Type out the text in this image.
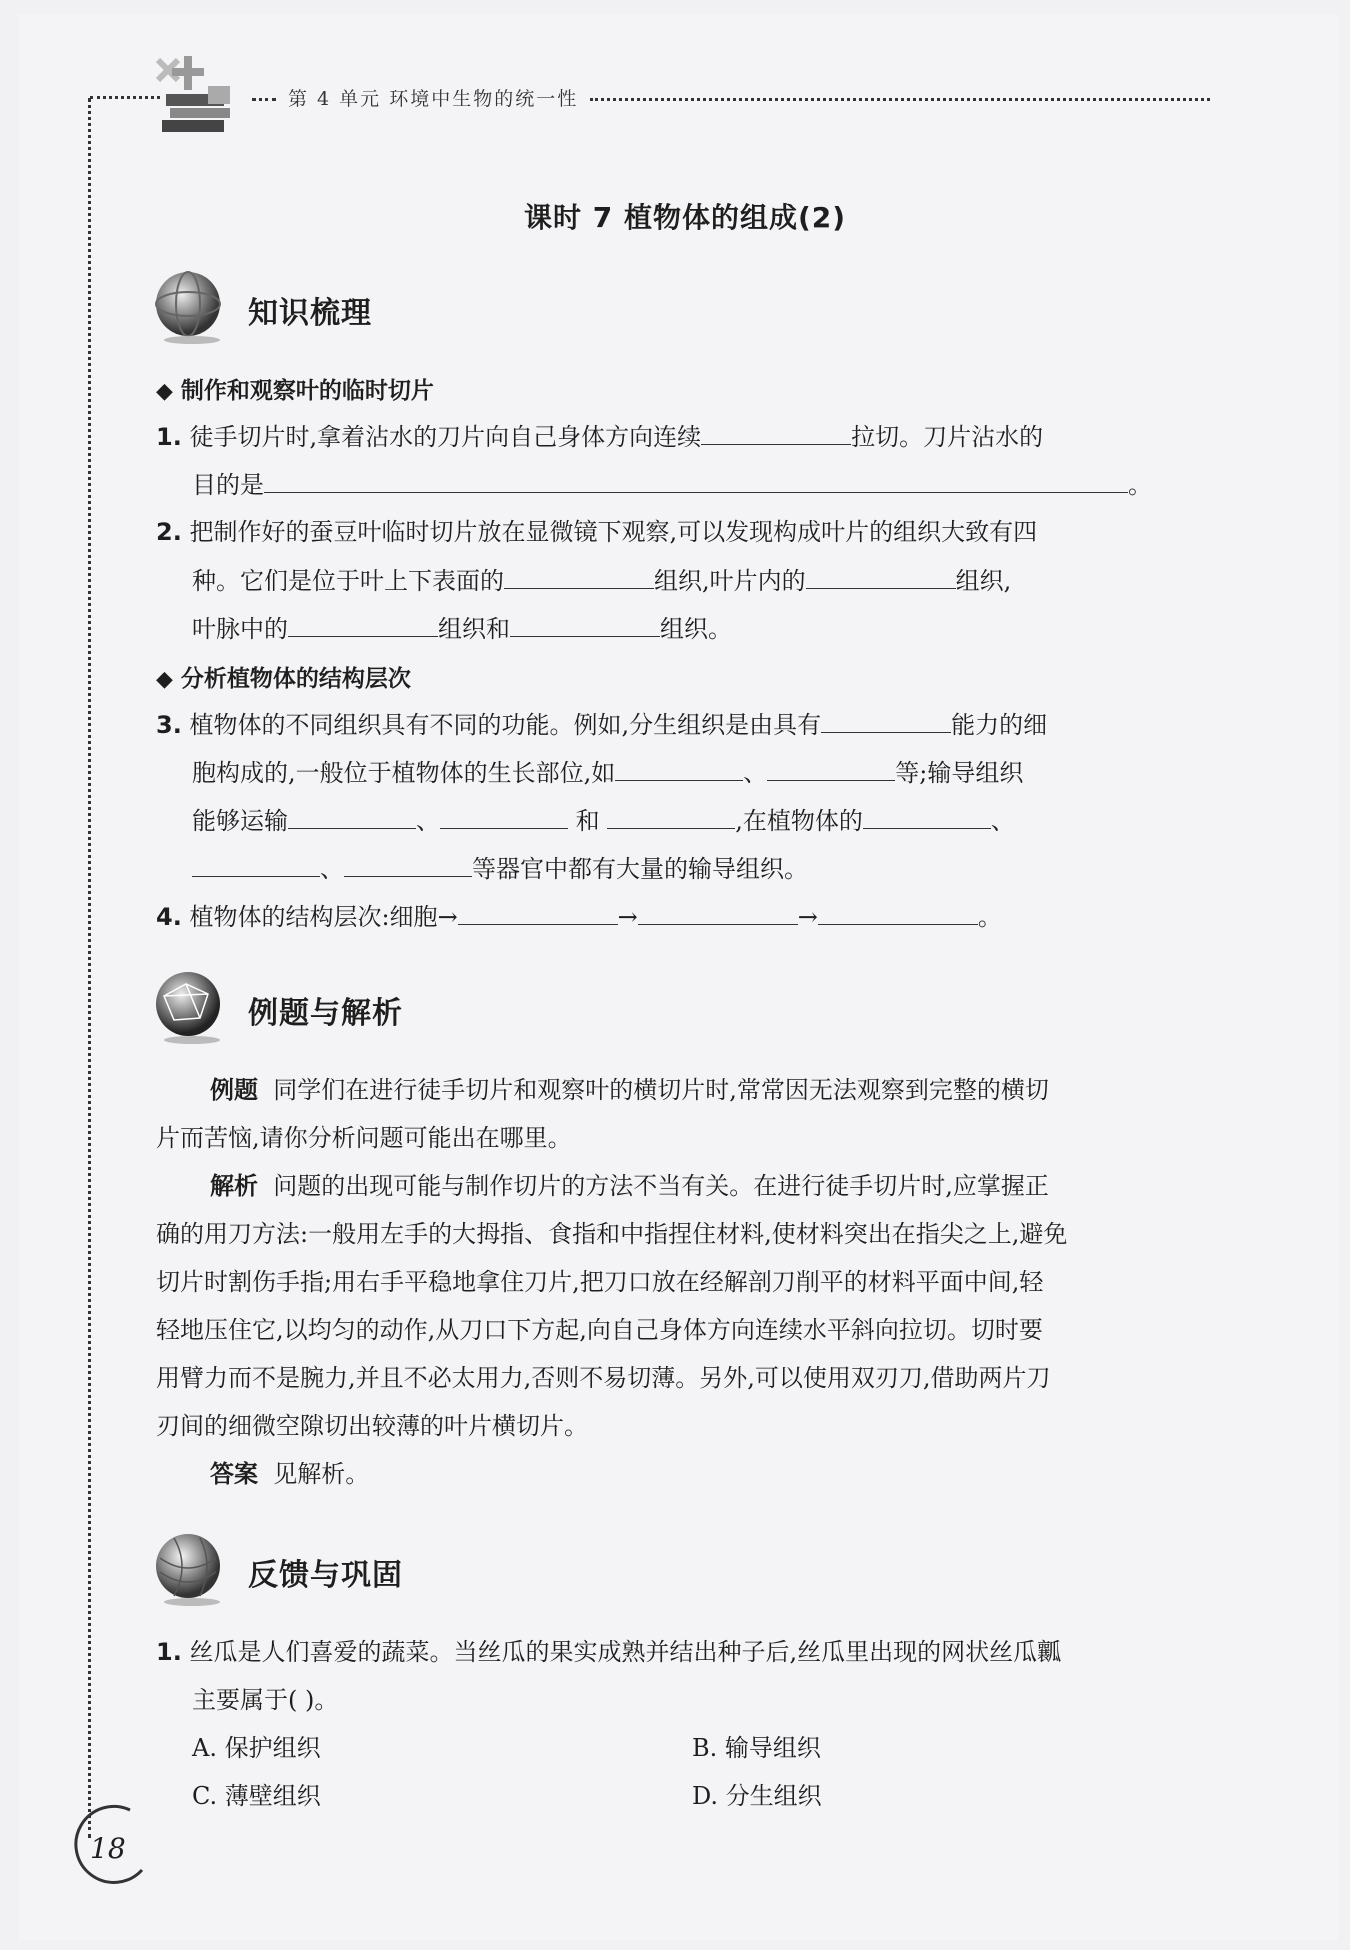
第 4 单元 环境中生物的统一性
课时 7 植物体的组成(2)
知识梳理
◆ 制作和观察叶的临时切片
1. 徒手切片时,拿着沾水的刀片向自己身体方向连续	拉切。刀片沾水的
目的是	。
2. 把制作好的蚕豆叶临时切片放在显微镜下观察,可以发现构成叶片的组织大致有四
种。它们是位于叶上下表面的	组织,叶片内的	组织,
叶脉中的	组织和	组织。
◆ 分析植物体的结构层次
3. 植物体的不同组织具有不同的功能。例如,分生组织是由具有	能力的细
胞构成的,一般位于植物体的生长部位,如	、	等;输导组织
能够运输	、	和	,在植物体的	、
、	等器官中都有大量的输导组织。
4. 植物体的结构层次:细胞→	→	→	。
例题与解析
例题 同学们在进行徒手切片和观察叶的横切片时,常常因无法观察到完整的横切
片而苦恼,请你分析问题可能出在哪里。
解析 问题的出现可能与制作切片的方法不当有关。在进行徒手切片时,应掌握正
确的用刀方法:一般用左手的大拇指、食指和中指捏住材料,使材料突出在指尖之上,避免
切片时割伤手指;用右手平稳地拿住刀片,把刀口放在经解剖刀削平的材料平面中间,轻
轻地压住它,以均匀的动作,从刀口下方起,向自己身体方向连续水平斜向拉切。切时要
用臂力而不是腕力,并且不必太用力,否则不易切薄。另外,可以使用双刃刀,借助两片刀
刃间的细微空隙切出较薄的叶片横切片。
答案 见解析。
反馈与巩固
1. 丝瓜是人们喜爱的蔬菜。当丝瓜的果实成熟并结出种子后,丝瓜里出现的网状丝瓜瓤
主要属于( )。
A. 保护组织	B. 输导组织
C. 薄壁组织	D. 分生组织
18
